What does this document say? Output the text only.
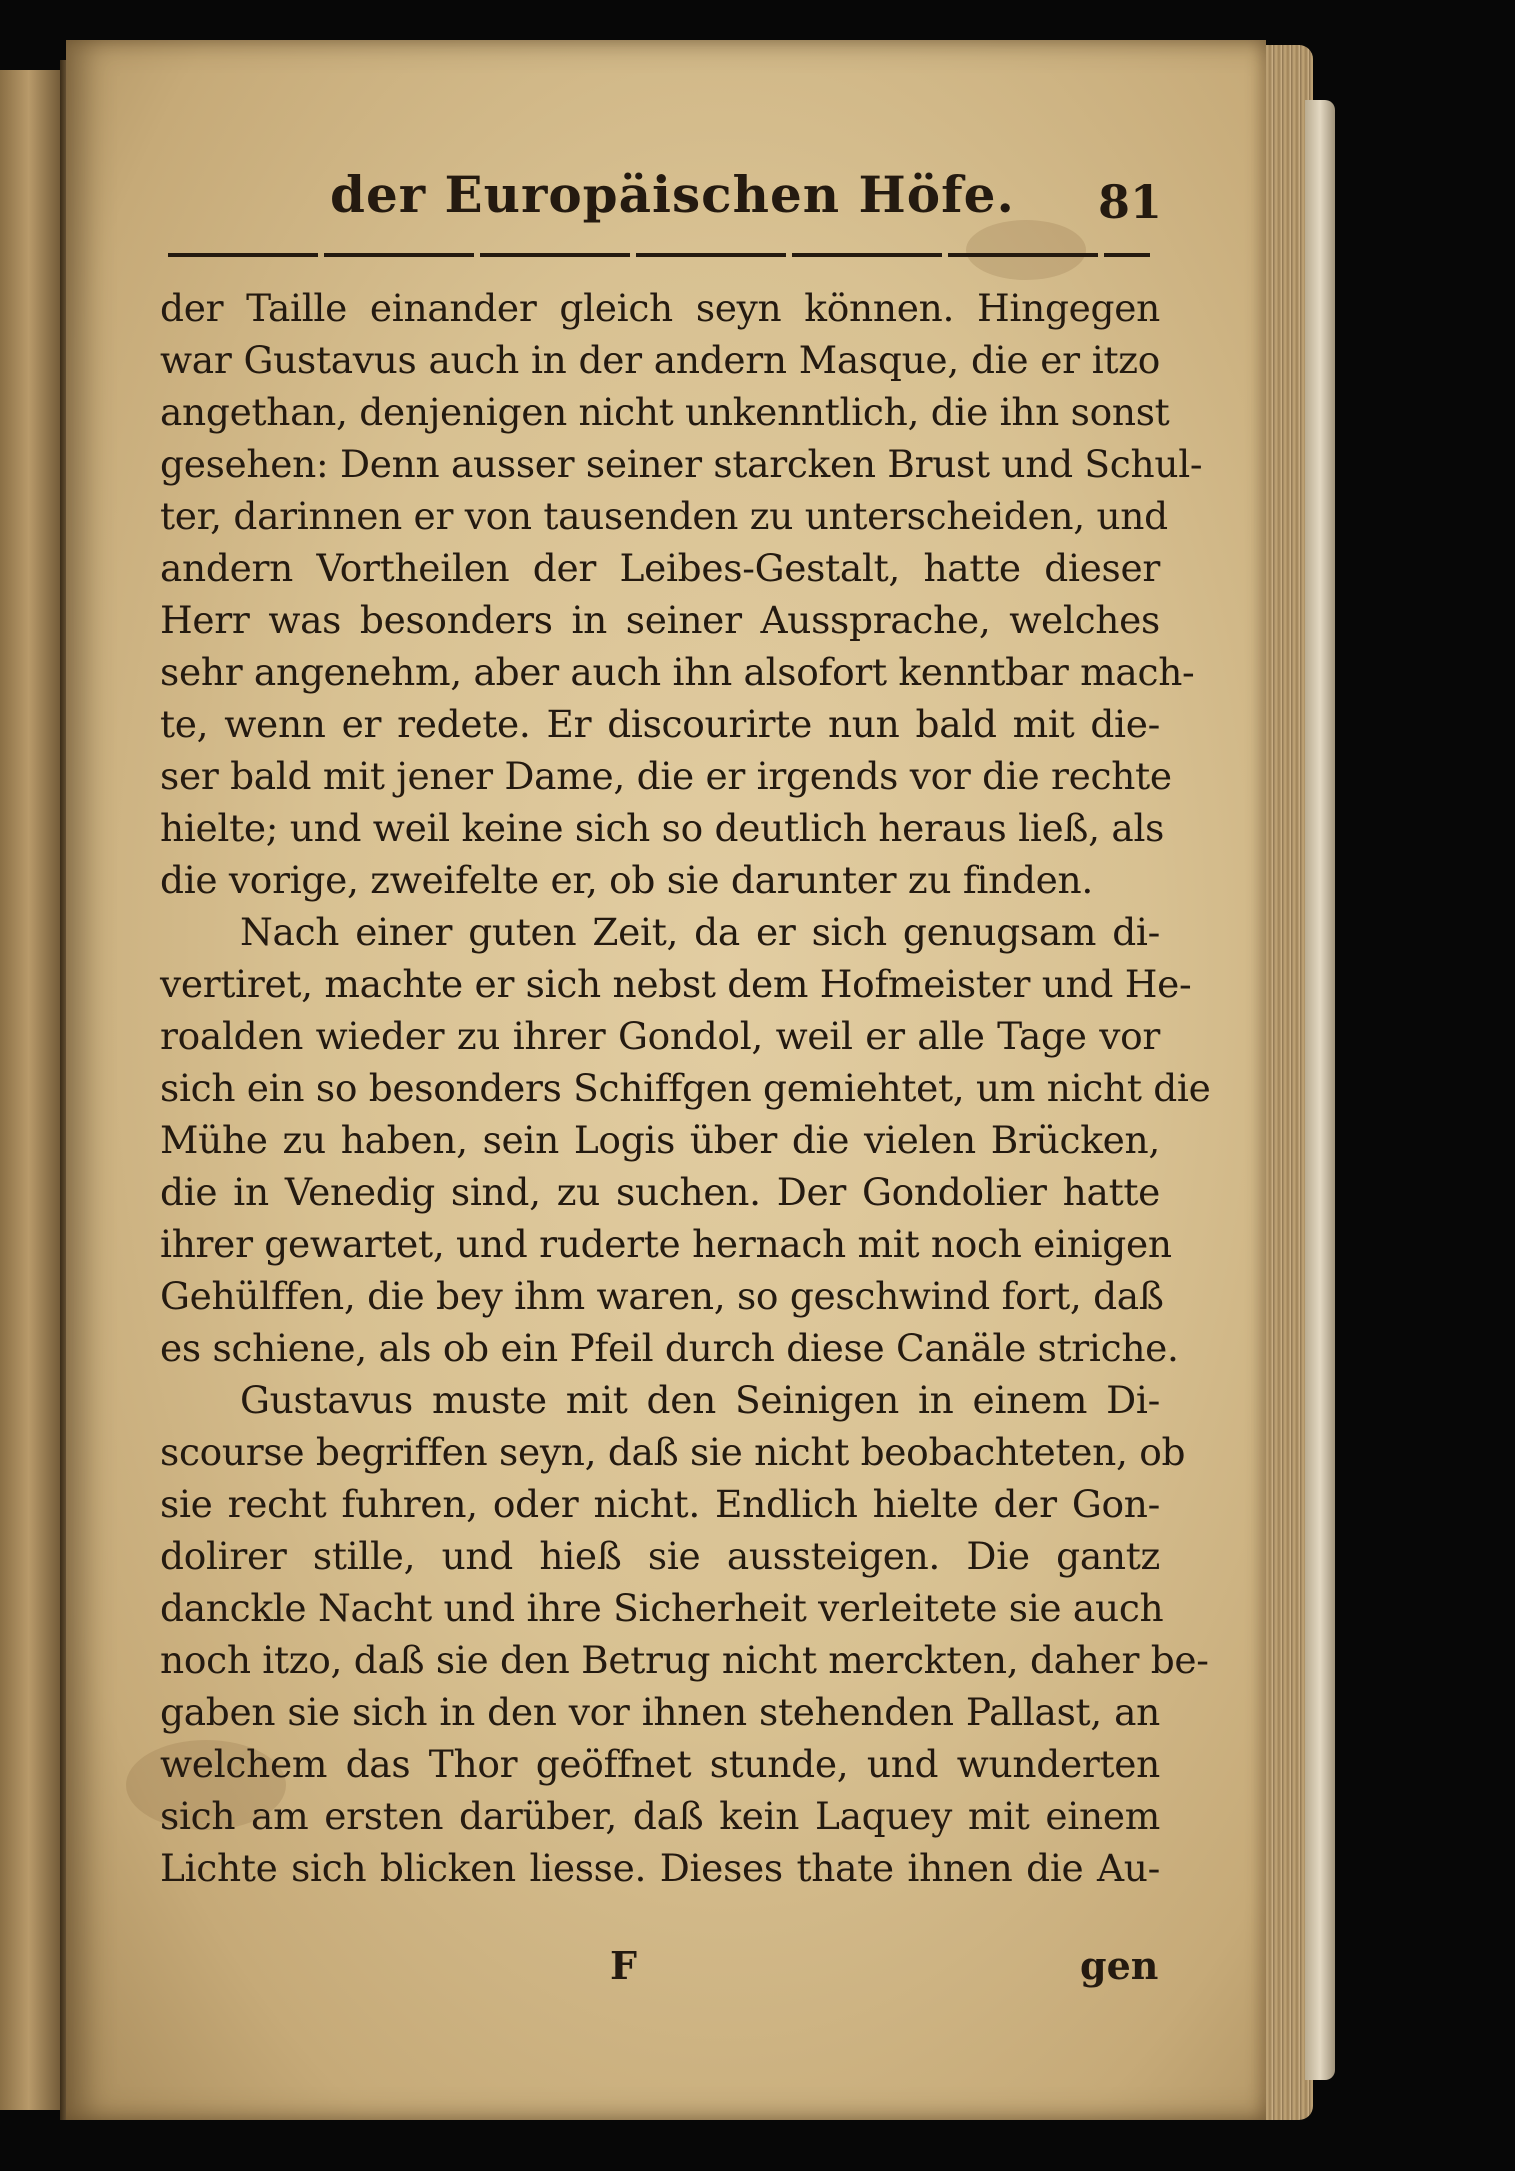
der Europäischen Höfe.	81
der Taille einander gleich seyn können. Hingegen
war Gustavus auch in der andern Masque, die er itzo
angethan, denjenigen nicht unkenntlich, die ihn sonst
gesehen: Denn ausser seiner starcken Brust und Schul-
ter, darinnen er von tausenden zu unterscheiden, und
andern Vortheilen der Leibes-Gestalt, hatte dieser
Herr was besonders in seiner Aussprache, welches
sehr angenehm, aber auch ihn alsofort kenntbar mach-
te, wenn er redete. Er discourirte nun bald mit die-
ser bald mit jener Dame, die er irgends vor die rechte
hielte; und weil keine sich so deutlich heraus ließ, als
die vorige, zweifelte er, ob sie darunter zu finden.
Nach einer guten Zeit, da er sich genugsam di-
vertiret, machte er sich nebst dem Hofmeister und He-
roalden wieder zu ihrer Gondol, weil er alle Tage vor
sich ein so besonders Schiffgen gemiehtet, um nicht die
Mühe zu haben, sein Logis über die vielen Brücken,
die in Venedig sind, zu suchen. Der Gondolier hatte
ihrer gewartet, und ruderte hernach mit noch einigen
Gehülffen, die bey ihm waren, so geschwind fort, daß
es schiene, als ob ein Pfeil durch diese Canäle striche.
Gustavus muste mit den Seinigen in einem Di-
scourse begriffen seyn, daß sie nicht beobachteten, ob
sie recht fuhren, oder nicht. Endlich hielte der Gon-
dolirer stille, und hieß sie aussteigen. Die gantz
danckle Nacht und ihre Sicherheit verleitete sie auch
noch itzo, daß sie den Betrug nicht merckten, daher be-
gaben sie sich in den vor ihnen stehenden Pallast, an
welchem das Thor geöffnet stunde, und wunderten
sich am ersten darüber, daß kein Laquey mit einem
Lichte sich blicken liesse. Dieses thate ihnen die Au-
F	gen
